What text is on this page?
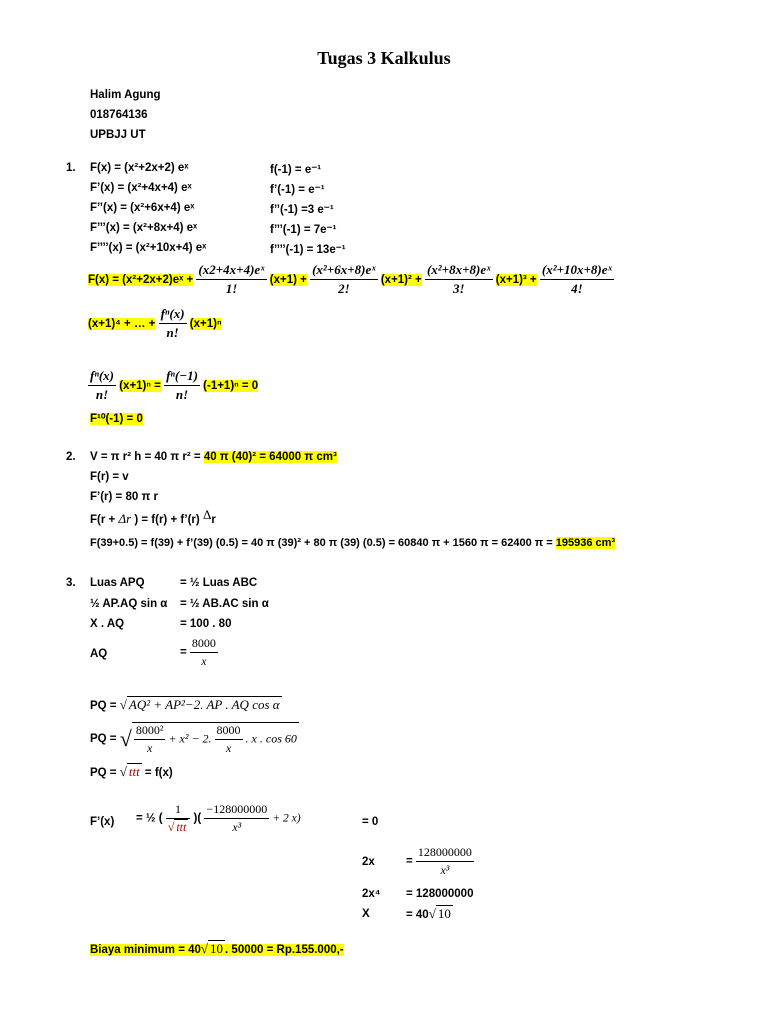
Tugas 3 Kalkulus
Halim Agung
018764136
UPBJJ UT
1. F(x) = (x²+2x+2) eˣ	f(-1) = e⁻¹
F’(x) = (x²+4x+4) eˣ	f’(-1) = e⁻¹
F’’(x) = (x²+6x+4) eˣ	f’’(-1) =3 e⁻¹
F’’’(x) = (x²+8x+4) eˣ	f’’’(-1) = 7e⁻¹
F’’’’(x) = (x²+10x+4) eˣ	f’’’’(-1) = 13e⁻¹
F(x) = (x²+2x+2)eˣ + $\frac{\text{(x2+4x+4)eˣ}}{1!} (x+1) + \frac{\text{(x²+6x+8)eˣ}}{2!} (x+1)^2 + \frac{\text{(x²+8x+8)eˣ}}{3!} (x+1)^3 + \frac{\text{(x²+10x+8)eˣ}}{4!}$
(x+1)⁴ + … + $\frac{\text{fⁿ(x)}}{n!} (x+1)^n$
$\frac{\text{fⁿ(x)}}{n!} (x+1)^n = \frac{\text{fⁿ(−1)}}{n!} (-1+1)^n = 0$
F¹⁰(-1) = 0
2. V = π r² h = 40 π r² = 40 π (40)² = 64000 π cm³
F(r) = v
F’(r) = 80 π r
F(r + Δr ) = f(r) + f’(r) Δr
F(39+0.5) = f(39) + f’(39) (0.5) = 40 π (39)² + 80 π (39) (0.5) = 60840 π + 1560 π = 62400 π = 195936 cm³
3. Luas APQ	= ½ Luas ABC
½ AP.AQ sin α = ½ AB.AC sin α
X . AQ	= 100 . 80
AQ	= $\frac{8000}{x}$
PQ = √ AQ² + AP²−2. AP . AQ cos α
PQ = √ $\frac{\text{8000²}}{x} + x^2 - 2$. $\frac{8000}{x}$ . x . cos 60
PQ = √ ttt = f(x)
F’(x) = ½ ( $\frac{1}{\text{√ ttt}}$ )( $\frac{-128000000}{\text{x³}} + 2$ x)	= 0
2x	= $\frac{128000000}{\text{x³}}$
2x⁴ = 128000000
X	= 40√ 10
Biaya minimum = 40√ 10 . 50000 = Rp.155.000,-
